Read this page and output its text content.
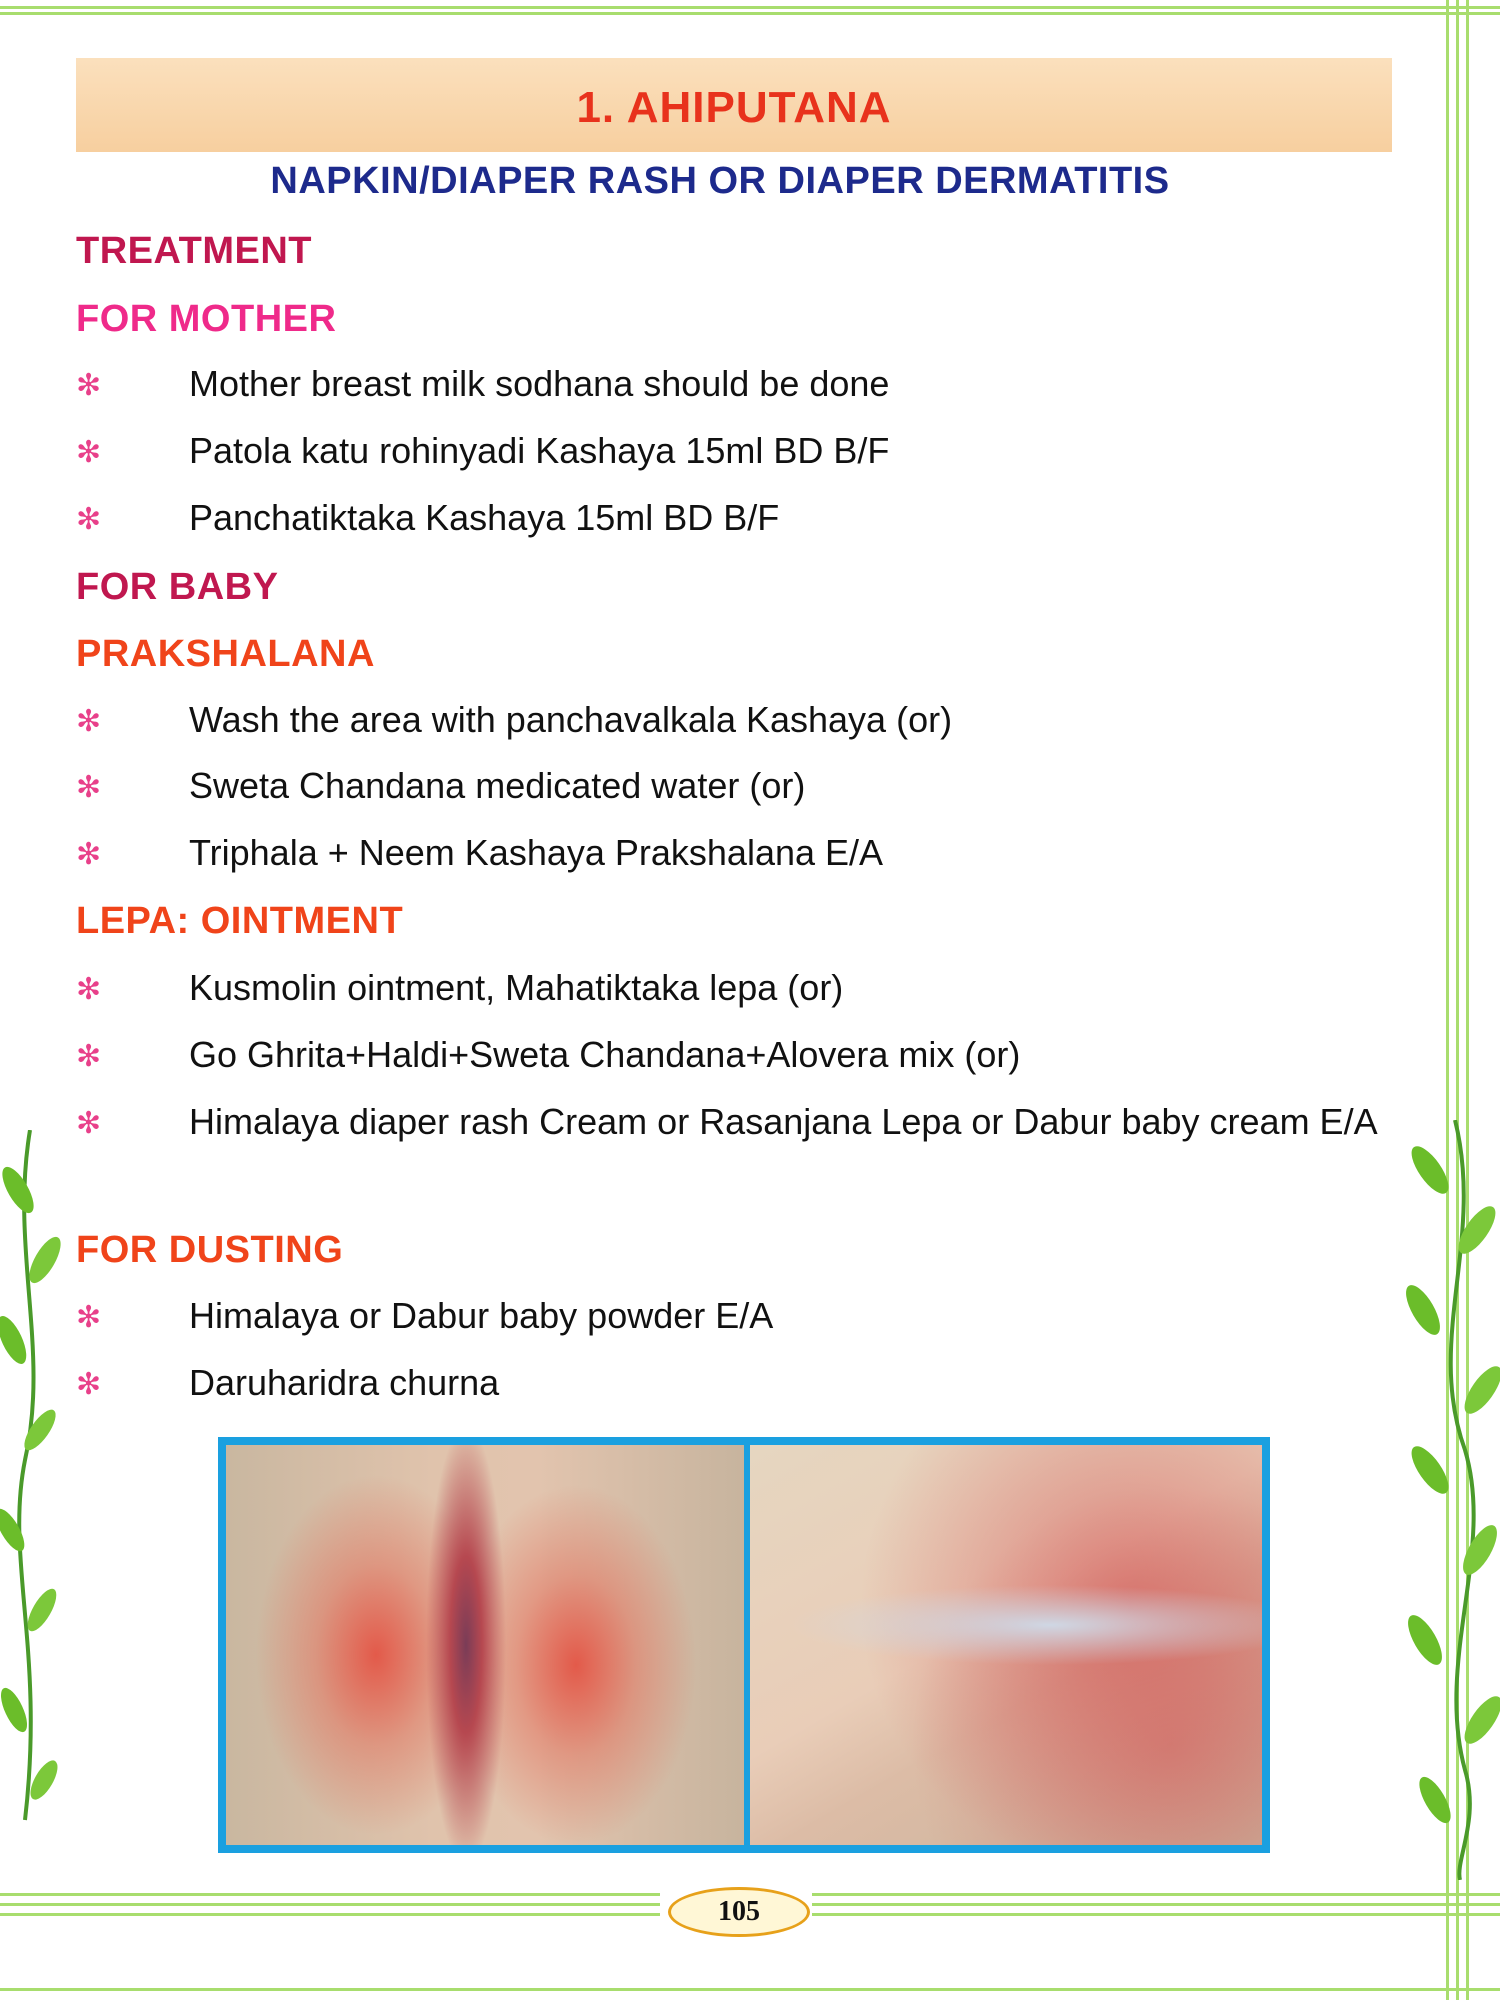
1. AHIPUTANA
NAPKIN/DIAPER RASH OR DIAPER DERMATITIS
TREATMENT
FOR MOTHER
✻ Mother breast milk sodhana should be done
✻ Patola katu rohinyadi Kashaya 15ml BD B/F
✻ Panchatiktaka Kashaya 15ml BD B/F
FOR BABY
PRAKSHALANA
✻ Wash the area with panchavalkala Kashaya (or)
✻ Sweta Chandana medicated water (or)
✻ Triphala + Neem Kashaya Prakshalana E/A
LEPA: OINTMENT
✻ Kusmolin ointment, Mahatiktaka lepa (or)
✻ Go Ghrita+Haldi+Sweta Chandana+Alovera mix (or)
✻ Himalaya diaper rash Cream or Rasanjana Lepa or Dabur baby cream E/A
FOR DUSTING
✻ Himalaya or Dabur baby powder E/A
✻ Daruharidra churna
105
